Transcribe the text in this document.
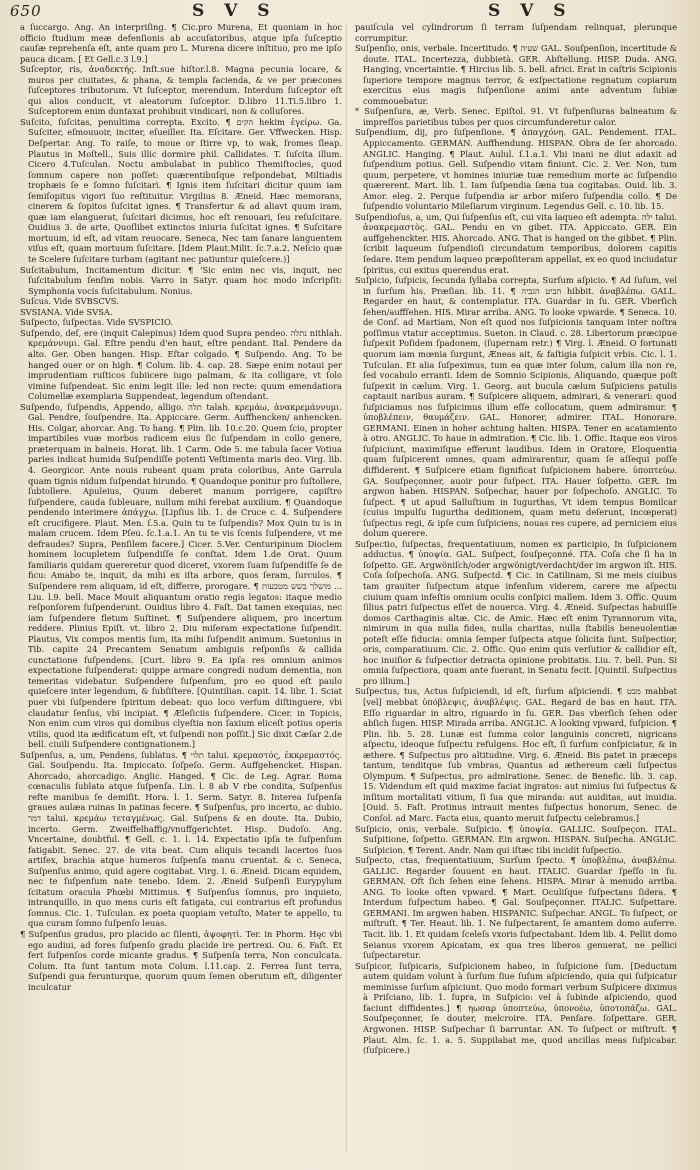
650	S V S	S V S

a ſuccargo. Ang. An interpriſing. ¶ Cic.pro Murena, Et quoniam in hoc officio ſtudium meæ defenſionis ab accuſatoribus, atque ipſa ſuſceptio cauſæ reprehenſa eſt, ante quam pro L. Murena dicere inſtituo, pro me ipſo pauca dicam. [ Et Gell.c.3 l.9.]

Suſceptor, ris, ἀναδεκτής. Inſt.sue hiſtor.l.8. Magna pecunia locare, & muros per ciuitates, & phana, & templa facienda, & ve per præcones ſuſceptores tributorum. Vt ſuſceptor, merendum. Interdum ſuſceptor eſt qui alios conducit, vt aleatorum ſuſceptor. D.libro 11.Ti.5.libro 1. Suſceptorem enim duntaxat prohibuit vindicari, non & colluſores.

Suſcito, ſuſcitas, penultima correpta. Excito. ¶ הקים hekim ἐγείρω. Ga. Suſciter, eſmouuoir, inciter, eſueiller. Ita. Eſcitare. Ger. Vffwecken. Hisp. Deſpertar. Ang. To raiſe, to moue or ſtirre vp, to wak, ſromes ſleap. Plautus in Moſtell., Suis illic dormire phil. Callidates. T. ſuſcita illum. Cicero 4.Tuſculan. Noctu ambulabat in publico Themiſtocles, quod ſomnum capere non poſſet: quærentibuſque reſpondebat, Miltiadis trophæis ſe e ſomno ſuſcitari. ¶ Ignis item ſuſcitari dicitur quum iam ſemiſopitus vigori ſuo reſtituitur. Virgilius 8. Æneid. Hæc memorans, cinerem & ſopitos ſuſcitat ignes. ¶ Transfertur & ad aliavt quum iram, quæ iam elanguerat, ſuſcitari dicimus, hoc eſt renouari, ſeu reſuſcitare. Ouidius 3. de arte, Quoſlibet extinctos iniuria ſuſcitat ignes. ¶ Suſcitare mortuum, id eſt, ad vitam reuocare. Seneca, Nec tam ſanare languentem viſus eſt, quam mortuum ſuſcitare. [Idem Plaut.Milit. ſc.7.a.2. Neſcio quæ te Scelere ſuſcitare turbam (agitant nec patiuntur quieſcere.)]

Suſcitabulum, Incitamentum dicitur. ¶ 'Sic enim nec vis, inquit, nec ſuſcitabulum ſenſim nobis. Varro in Satyr. quam hoc modo inſcripſit: Symphonia vocis ſuſcitabulum. Nonius.

Suſcus. Vide SVBSCVS.

SVSIANA. Vide SVSA.

Suſpecto, ſuſpectas. Vide SVSPICIO.

Suſpendo, deſ, ere (inquit Calepinus) Idem quod Supra pendeo. נתלה nithlah. κρεμάννυμι. Gal. Eſtre pendu d'en haut, eſtre pendant. Ital. Pendere da alto. Ger. Oben hangen. Hisp. Eſtar colgado. ¶ Suſpendo. Ang. To be hanged ouer or on high. ¶ Colum. lib. 4. cap. 28. Sæpe enim notaui per imprudentiam ruſticos ſubiicere iugo palmam, & ita colligare, vt ſolo vimine ſuſpendeat. Sic enim legit ille: led non recte: quum emendatiora Columellæ exemplaria Suppendeat, legendum oſtendant.

Suſpendo, ſuſpendis, Appendo, alligo. תלה talah. κρεμάω, ἀνακρεμάννυμι. Gal. Pendre, ſouſpendre. Ita. Appiccare. Germ. Auffhencken/ anhencken. His. Colgar, ahorcar. Ang. To hang. ¶ Plin. lib. 10.c.20. Quem ſcio, propter impartibiles vuæ morbos radicem eius ſic ſuſpendam in collo genere, præterquam in balneis. Horat. lib. 1 Carm. Ode 5. me tabula ſacer Votiua paries indicat humida Suſpendiſſe potenti Veſtimenta maris deo. Virg. lib. 4. Georgicor. Ante nouis rubeant quam prata coloribus, Ante Garrula quam tignis nidum ſuſpendat hirundo. ¶ Quandoque ponitur pro ſuſtollere, ſubtollere. Apuleius, Quum deberet manum porrigere, capiſtro ſuſpendere, cauda ſubleuare, nullum mihi ferebat auxilium. ¶ Quandoque pendendo interimere ἀπάγχω. [Lipſius lib. 1. de Cruce c. 4. Suſpendere eſt crucifigere. Plaut. Men. ſ.5.a. Quin tu te ſuſpendis? Mox Quin tu is in malam crucem. Idem Pſeu. ſc.1.a.1. An tu te vis ſcenis ſuſpendere, vt me defraudes? Supra, Penſilem facere.] Cicer. 5.Ver. Centuripinum Dioclem hominem locupletem ſuſpendiſſe ſe conſtat. Idem 1.de Orat. Quum familiaris quidam quereretur quod diceret, vxorem ſuam ſuſpendiſſe ſe de ficu: Amabo te, inquit, da mihi ex iſta arbore, quos ſeram, ſurculos. ¶ Suſpendere rem aliquam, id eſt, differre, prorogare. ¶ מושלך בשש מטבעות ... Liu. l.9. bell. Mace Mouit aliquantum oratio regis legatos: itaque medio reſponſorem ſuſpenderunt. Ouidius libro 4. Faſt. Dat tamen exequias, nec iam ſuſpendere fletum Suſtinet. ¶ Suſpendere aliquem, pro incertum reddere. Plinius Epiſt. vt. libro 2. Diu miſeram expectatione ſuſpendit. Plautus, Vix compos mentis ſum, ita mihi ſuſpendit animum. Suetonius in Tib. capite 24 Precantem Senatum ambiguis reſponſis & callida cunctatione ſuſpendens. [Curt. libro 9. Ea ipſa res omnium animos expectatione ſuſpenderat: quippe armare congredi nudum dementia, non temeritas videbatur. Suſpendere ſuſpenſum, pro eo quod eſt paulo quieſcere inter legendum, & ſubſiſtere. [Quintilian. capit. 14. libr. 1. Sciat puer vbi ſuſpendere ſpiritum debeat: quo loco verſum diſtinguere, vbi claudatur ſenſus, vbi incipiat. ¶ Æleſiciis ſuſpendere. Cicer. in Topicis, Non enim cum viros qui domibus clyeſtia non ſaxium eliceſt potius operis vtilis, quod ita ædificatum eſt, vt ſuſpendi non poſſit.] Sic dixit Cæſar 2.de bell. ciuili Suſpendere contignationem.]

Suſpenſus, a, um, Pendens, ſublatus. ¶ תלוי talui. κρεμαστός, ἐκκρεμαστός. Gal. Souſpendu. Ita. Impiccato. ſoſpeſo. Germ. Auffgehencket. Hispan. Ahorcado, ahorcadigo. Anglic. Hanged. ¶ Cic. de Leg. Agrar. Roma cœnaculis ſublata atque ſuſpenſa. Lin. l. 8 ab V rbe condita, Suſpenſus refte manibus ſe demiſit. Hora. l. 1. Serm. Satyr. 8. Interea ſuſpenſa graues aulæa ruinas In patinas fecere. ¶ Suſpenſus, pro incerto, ac dubio. דמר talui. κρεμάω τεταγμένως. Gal. Suſpens & en doute. Ita. Dubio, incerto. Germ. Zweiffelhaffig/vnuffgerichtet. Hisp. Dudoſo. Ang. Vncertaine, doubtful. ¶ Gell. c. 1. l. 14. Expectatio ipſa te ſuſpenſum fatigabit. Senec. 27. de vita beat. Cum aliquis tecandi lacertos ſuos artifex, brachia atque humeros ſuſpenſa manu cruentat. & c. Seneca, Suſpenſus animo, quid agere cogitabat. Virg. l. 6. Æneid. Dicam equidem, nec te ſuſpenſum nate tenebo. Idem. 2. Æneid Suſpenſi Eurypylum ſcitatum oracula Phœbi Mittimus. ¶ Suſpenſus ſomnus, pro inquieto, intranquillo, in quo mens curis eſt fatigata, cui contrarius eſt profundus ſomnus. Cic. 1. Tuſculan. ex poeta quopiam vetuſto, Mater te appello, tu qua curam ſomno ſuſpenſo leuas.

¶ Suſpenſus gradus, pro placido ac ſilenti, ἀψοφητὶ. Ter. in Phorm. Hęc vbi ego audiui, ad fores ſuſpenſo gradu placide ire pertrexi. Ou. 6. Faſt. Et fert ſuſpenſos corde micante gradus. ¶ Suſpenſa terra, Non conculcata. Colum. Ita ſunt tantum mota Colum. l.11.cap. 2. Ferrea ſunt terra, Suſpendi gua ferunturque, quorum quum ſemen oberutum eſt, diligenter inculcatur

pauiſcula vel cylindrorum ſi terram ſuſpendam relinquat, plerunque corrumpitur.

Suſpenſio, onis, verbale. Incertitudo. ¶ שעיה GAL. Souſpenſion, incertitude & doute. ITAL. Incertezza, dubbietà. GER. Abſtellung. HISP. Duda. ANG. Hanging, vncertaintie. ¶ Hircius lib. 5. bell. africi. Erat in caſtris Scipionis ſuperiore tempore magnus terror, & exſpectatione regnatum copiarum exercitus eius magis ſuſpenſione animi ante adventum ſubiæ commouebatur.

* Suſpenſura, æ, Verb. Senec. Epiſtol. 91. Vt ſuſpenſiuras balneatum & impreſſos parietibus tubos per quos circumfunderetur calor.

Suſpendium, dij, pro ſuſpenſione. ¶ ἀπαγχόνη. GAL. Pendement. ITAL. Appiccamento. GERMAN. Auffhendung. HISPAN. Obra de ſer ahorcado. ANGLIC. Hanging. ¶ Plaut. Aulul. ſ.1.a.1. Vbi inani ne diut adaxit ad ſuſpendium potius. Gell. Suſpendio vitam finiunt. Cic. 2. Ver. Non, tum quum, perpetere, vt homines iniuriæ tuæ remedium morte ac ſuſpendio quærerent. Mart. lib. 1. Iam ſuſpendia ſæna tua cogitabas. Ouid. lib. 3. Amor. eleg. 2. Perque ſuſpendia ar arbor miſero ſuſpendia collo. ¶ De ſuſpendio voluntario Mileſiarum virginum. Legendus Gell. c. 10. lib. 15.

Suſpendioſus, a, um, Qui ſuſpenſus eſt, cui vita laqueo eſt adempta. ילה talui. ἀνακρεμαστὸς. GAL. Pendu en vn gibet. ITA. Appiccato. GER. Ein auffgehenckter. HIS. Ahorcado. ANG. That is hanged on the gibbet. ¶ Plin. ſcribit laqueum ſuſpendioſi circundatum temporibus, dolorem capitis ſedare. Item pendum laqueo præpoſiteram appellat, ex eo quod inciudatur ſpiritus, cui exitus querendus erat.

Suſpicio, ſuſpicis, ſecunda ſyllaba correpta, Surſum aſpicio. ¶ Ad ſuſum, vel in ſurſum his. Præſian. lib. 11. ¶ הביט הגביה hibbit. ἀναβλέπω. GALL. Regarder en haut, & contemplatur. ITA. Guardar in ſu. GER. Vberſich ſehen/auffſehen. HIS. Mirar arriba. ANG. To looke vpwarde. ¶ Seneca. 10. de Conſ. ad Martiam, Non eſt quod nos ſuſpicionis tanquam inter noſtra poſſimus vtatur acceptimus. Sueton. in Claud. c. 28. Libertorum præcipue ſuſpexit Poſidem ſpadonem, (ſupernam retr.) ¶ Virg. l. Æneid. O fortunati quorum iam mœnia ſurgunt, Æneas ait, & faſtigia ſuſpicit vrbis. Cic. l. 1. Tuſculan. Et alia ſuſpeximus, tum ea quæ inter ſolum, calum illa non re, ſed vocabulo erranti. Idem de Somnio Scipionis, Aliquando, quæque poſt ſuſpexit in cælum. Virg. 1. Georg. aut bucula cælum Suſpiciens patulis captauit naribus auram. ¶ Suſpicere aliquem, admirari, & venerari: quod ſuſpiciamus nos ſuſpicimus illum eſſe collocatum, quem admiramur. ¶ ὑποβλέπειν, θαυμάζειν. GAL. Honorer, admirer. ITAL. Honorare. GERMANI. Einen in hoher achtung halten. HISPA. Tener en acatamiento à otro. ANGLIC. To haue in admiration. ¶ Cic. lib. 1. Offic. Itaque eos viros ſuſpiciunt, maximiſque efferunt laudibus. Idem in Oratore, Eloquentia quam ſuſpicerent omnes, quam admirarentur, quam ſe aſſequi poſſe diffiderent. ¶ Suſpicere etiam ſignificat ſuſpicionem habere. ὑποπτεύω. GA. Souſpeçonner, auoir pour ſuſpect. ITA. Hauer ſoſpetto. GER. Im argwon haben. HISPAN. Soſpechar, hauer por ſoſpechoſo. ANGLIC. To ſuſpect. ¶ ut apud Salluſtium in Iugurthas, Vt idem tempus Bomilcar (cuius impulſu Iugurtha deditionem, quam metu deſerunt, incœperat) ſuſpectus regi, & ipſe cum ſuſpiciens, nouas res cupere, ad perniciem eius dolum querere.

Suſpectio, ſuſpectas, frequentatiuum, nomen ex participio, In ſuſpicionem adductus. ¶ ὑποψία. GAL. Suſpect, ſouſpeçonné. ITA. Coſa che ſi ha in ſoſpetto. GE. Argwöniſch/oder argwönigt/verdacht/der im argwon iſt. HIS. Coſa ſoſpechoſa. ANG. Suſpectd. ¶ Cic. in Catilinam, Si me meis ciuibus tam grauiter ſuſpectum atque infenſum viderem, carere me aſpectu ciuium quam infeſtis omnium oculis conſpici mallem. Idem 3. Offic. Quum ſilius patri ſuſpectus eſſet de nouerca. Virg. 4. Æneid. Suſpectas habuiſſe domos Carthaginis altæ. Cic. de Amic. Hæc eſt enim Tyrannorum vita, nimirum in qua nulla fides, nulla charitas, nulla ſtabilis beneuolentiæ poteſt eſſe fiducia: omnia ſemper ſuſpecta atque ſolicita ſunt. Suſpectior, oris, comparatiuum. Cic. 2. Offic. Quo enim quis verſutior & callidior eſt, hoc inuiſior & ſuſpectior detracta opinione probitatis. Liu. 7. bell. Pun. Si omnia ſuſpectiora, quam ante fuerant, in Senatu fecit. [Quintil. Suſpectius pro illium.]

Suſpectus, tus, Actus ſuſpiciendi, id eſt, ſurſum aſpiciendi. ¶ מבט mabbat [vel] mebbat ὑπόβλεψις, ἀναβλέψις. GAL. Regard de bas en haut. ITA. Eſſo riguardar in altro, riguardo in ſu. GER. Das vberſich ſehen oder abſich ſugen. HISP. Mirada arriba. ANGLIC. A looking vpward, ſuſpicion. ¶ Plin. lib. 5. 28. Lunæ est ſumma color languinis concreti, nigricans aſpectu, ideoque ſuſpectu refulgens. Hoc eſt, ſi ſurſum conſpiciatur, & in æthere. ¶ Suſpectus pro altitudine. Virg. 6. Æneid. Bis patet in præceps tantum, tenditque ſub vmbras, Quantus ad æthereum cæli ſuſpectus Olympum. ¶ Suſpectus, pro admiratione. Senec. de Benefic. lib. 3. cap. 15. Videndum eſt quid maxime faciat ingratos: aut nimius ſui ſuſpectus & inſitum mortalitati vitium, ſi ſua que miranda: aut auiditas, aut inuidia. [Ouid. 5. Faſt. Protinus intrauit mentes ſuſpectus honorum, Senec. de Conſol. ad Marc. Facta eius, quanto meruit ſuſpectu celebramus.]

Suſpicio, onis, verbale. Suſpicio. ¶ ὑποψία. GALLIC. Souſpeçon. ITAL. Suſpitione, ſoſpetto. GERMAN. Ein argwon. HISPAN. Suſpecha. ANGLIC. Suſpicion. ¶ Terent. Andr. Nam qui iſtæc tibi incidit ſuſpectio.

Suſpecto, ctas, frequentatiuum, Surſum ſpecto. ¶ ὑποβλέπω, ἀναβλέπω. GALLIC. Regarder ſouuent en haut. ITALIC. Guardar ſpeſſo in ſu. GERMAN. Oft ſich ſehen eine ſehens. HISPA. Mirar à menudo arriba. ANG. To looke often vpward. ¶ Mart. Oculiſque ſuſpectans ſidera. ¶ Interdum ſuſpectum habeo. ¶ Gal. Souſpeçonner. ITALIC. Suſpettare. GERMANI. Im argwen haben. HISPANIC. Suſpechar. ANGL. To ſuſpect, or miſtruſt. ¶ Ter. Heaut. lib. 1. Ne ſuſpectarent, ſe amantem domo auferre. Tacit. lib. 1. Et quidam ſceleſs vxoris ſuſpectabant. Idem lib. 4. Pellit domo Seianus vxorem Apicatam, ex qua tres liberos genuerat, ne pellici ſuſpectaretur.

Suſpicor, ſuſpicaris, Suſpicionem habeo, in ſuſpicione ſum. [Deductum autem quidam volunt à ſurſum ſiue ſuſum aſpiciendo, quia qui ſuſpicatur meminisse ſurſum aſpiciunt. Quo modo formari verbum Suſpicere diximus à Priſciano, lib. 1. ſupra, in Suſpicio: vel à ſubinde aſpiciendo, quod faciunt diffidentes.] ¶ ηωσαρ ὑποπτεύω, ὑπονοέω, ὑποτοπάζω. GAL. Souſpeçonner, ſe douter, melcroire. ITA. Penſare. ſoſpettare. GER. Argwonen. HISP. Suſpechar ſi barruntar. AN. To ſuſpect or miſtruſt. ¶ Plaut. Alm. ſc. 1. a. 5. Suppilabat me, quod ancillas meas ſuſpicabar. (ſuſpicere.)
